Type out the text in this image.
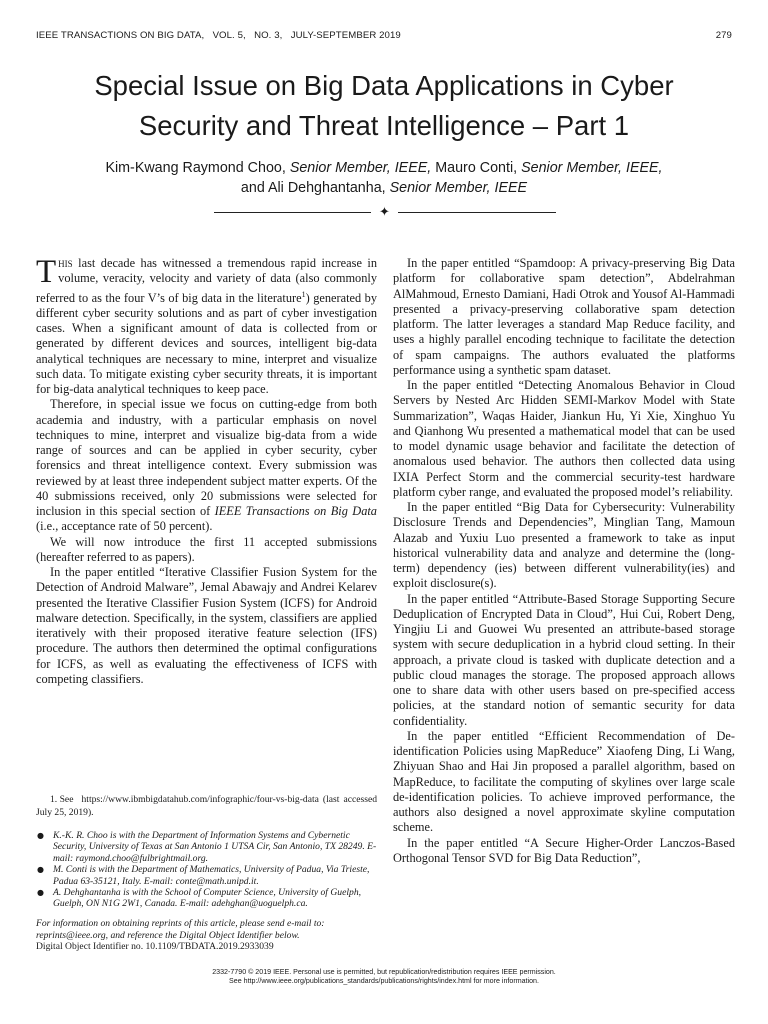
IEEE TRANSACTIONS ON BIG DATA, VOL. 5, NO. 3, JULY-SEPTEMBER 2019	279
Special Issue on Big Data Applications in Cyber
Security and Threat Intelligence – Part 1
Kim-Kwang Raymond Choo, Senior Member, IEEE, Mauro Conti, Senior Member, IEEE,
and Ali Dehghantanha, Senior Member, IEEE
✦

This last decade has witnessed a tremendous rapid increase in volume, veracity, velocity and variety of data (also commonly referred to as the four V’s of big data in the literature$^1$) generated by different cyber security solutions and as part of cyber investigation cases. When a significant amount of data is collected from or generated by different devices and sources, intelligent big-data analytical techniques are necessary to mine, interpret and visualize such data. To mitigate existing cyber security threats, it is important for big-data analytical techniques to keep pace.

Therefore, in special issue we focus on cutting-edge from both academia and industry, with a particular emphasis on novel techniques to mine, interpret and visualize big-data from a wide range of sources and can be applied in cyber security, cyber forensics and threat intelligence context. Every submission was reviewed by at least three independent subject matter experts. Of the 40 submissions received, only 20 submissions were selected for inclusion in this special section of IEEE Transactions on Big Data (i.e., acceptance rate of 50 percent).

We will now introduce the first 11 accepted submissions (hereafter referred to as papers).

In the paper entitled “Iterative Classifier Fusion System for the Detection of Android Malware”, Jemal Abawajy and Andrei Kelarev presented the Iterative Classifier Fusion System (ICFS) for Android malware detection. Specifically, in the system, classifiers are applied iteratively with their proposed iterative feature selection (IFS) procedure. The authors then determined the optimal configurations for ICFS, as well as evaluating the effectiveness of ICFS with competing classifiers.

1. See https://www.ibmbigdatahub.com/infographic/four-vs-big-data (last accessed July 25, 2019).
● K.-K. R. Choo is with the Department of Information Systems and Cybernetic Security, University of Texas at San Antonio 1 UTSA Cir, San Antonio, TX 28249. E-mail: raymond.choo@fulbrightmail.org.
● M. Conti is with the Department of Mathematics, University of Padua, Via Trieste, Padua 63-35121, Italy. E-mail: conte@math.unipd.it.
● A. Dehghantanha is with the School of Computer Science, University of Guelph, Guelph, ON N1G 2W1, Canada. E-mail: adehghan@uoguelph.ca.
For information on obtaining reprints of this article, please send e-mail to: reprints@ieee.org, and reference the Digital Object Identifier below.
Digital Object Identifier no. 10.1109/TBDATA.2019.2933039

In the paper entitled “Spamdoop: A privacy-preserving Big Data platform for collaborative spam detection”, Abdelrahman AlMahmoud, Ernesto Damiani, Hadi Otrok and Yousof Al-Hammadi presented a privacy-preserving collaborative spam detection platform. The latter leverages a standard Map Reduce facility, and uses a highly parallel encoding technique to facilitate the detection of spam campaigns. The authors evaluated the platforms performance using a synthetic spam dataset.

In the paper entitled “Detecting Anomalous Behavior in Cloud Servers by Nested Arc Hidden SEMI-Markov Model with State Summarization”, Waqas Haider, Jiankun Hu, Yi Xie, Xinghuo Yu and Qianhong Wu presented a mathematical model that can be used to model dynamic usage behavior and facilitate the detection of anomalous used behavior. The authors then collected data using IXIA Perfect Storm and the commercial security-test hardware platform cyber range, and evaluated the proposed model’s reliability.

In the paper entitled “Big Data for Cybersecurity: Vulnerability Disclosure Trends and Dependencies”, Minglian Tang, Mamoun Alazab and Yuxiu Luo presented a framework to take as input historical vulnerability data and analyze and determine the (long-term) dependency (ies) between different vulnerability(ies) and exploit disclosure(s).

In the paper entitled “Attribute-Based Storage Supporting Secure Deduplication of Encrypted Data in Cloud”, Hui Cui, Robert Deng, Yingjiu Li and Guowei Wu presented an attribute-based storage system with secure deduplication in a hybrid cloud setting. In their approach, a private cloud is tasked with duplicate detection and a public cloud manages the storage. The proposed approach allows one to share data with other users based on pre-specified access policies, at the standard notion of semantic security for data confidentiality.

In the paper entitled “Efficient Recommendation of De-identification Policies using MapReduce” Xiaofeng Ding, Li Wang, Zhiyuan Shao and Hai Jin proposed a parallel algorithm, based on MapReduce, to facilitate the computing of skylines over large scale de-identification policies. To achieve improved performance, the authors also designed a novel approximate skyline computation scheme.

In the paper entitled “A Secure Higher-Order Lanczos-Based Orthogonal Tensor SVD for Big Data Reduction”,

2332-7790 © 2019 IEEE. Personal use is permitted, but republication/redistribution requires IEEE permission.
See http://www.ieee.org/publications_standards/publications/rights/index.html for more information.
